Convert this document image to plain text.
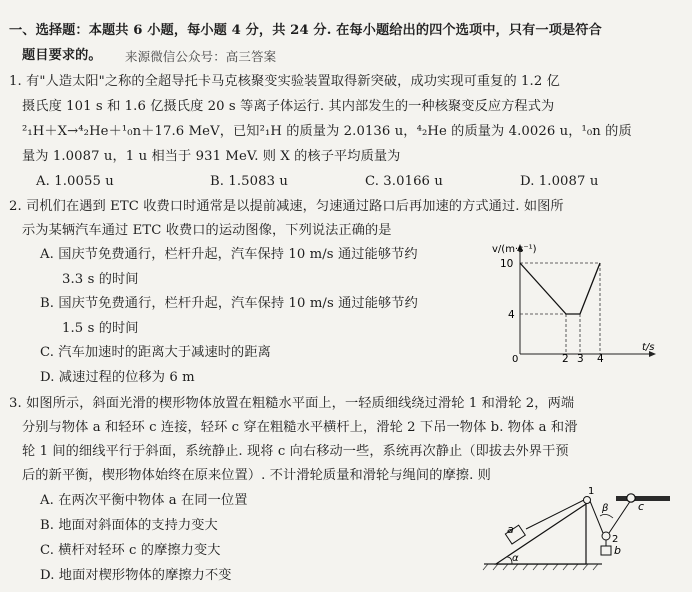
一、选择题：本题共 6 小题，每小题 4 分，共 24 分. 在每小题给出的四个选项中，只有一项是符合
题目要求的。 来源微信公众号：高三答案
1. 有"人造太阳"之称的全超导托卡马克核聚变实验装置取得新突破，成功实现可重复的 1.2 亿
摄氏度 101 s 和 1.6 亿摄氏度 20 s 等离子体运行. 其内部发生的一种核聚变反应方程式为
²₁H＋X→⁴₂He＋¹₀n＋17.6 MeV，已知²₁H 的质量为 2.0136 u，⁴₂He 的质量为 4.0026 u，¹₀n 的质
量为 1.0087 u，1 u 相当于 931 MeV. 则 X 的核子平均质量为
A. 1.0055 u	B. 1.5083 u	C. 3.0166 u	D. 1.0087 u
2. 司机们在遇到 ETC 收费口时通常是以提前减速，匀速通过路口后再加速的方式通过. 如图所
示为某辆汽车通过 ETC 收费口的运动图像，下列说法正确的是
A. 国庆节免费通行，栏杆升起，汽车保持 10 m/s 通过能够节约
3.3 s 的时间
B. 国庆节免费通行，栏杆升起，汽车保持 10 m/s 通过能够节约
1.5 s 的时间
C. 汽车加速时的距离大于减速时的距离
D. 减速过程的位移为 6 m
v/(m·s⁻¹)
10
4
0	2 3 4
t/s
3. 如图所示，斜面光滑的楔形物体放置在粗糙水平面上，一轻质细线绕过滑轮 1 和滑轮 2，两端
分别与物体 a 和轻环 c 连接，轻环 c 穿在粗糙水平横杆上，滑轮 2 下吊一物体 b. 物体 a 和滑
轮 1 间的细线平行于斜面，系统静止. 现将 c 向右移动一些，系统再次静止（即拔去外界干预
后的新平衡，楔形物体始终在原来位置）. 不计滑轮质量和滑轮与绳间的摩擦. 则
A. 在两次平衡中物体 a 在同一位置
B. 地面对斜面体的支持力变大
C. 横杆对轻环 c 的摩擦力变大
D. 地面对楔形物体的摩擦力不变
a
α
1
β
2
b
c
